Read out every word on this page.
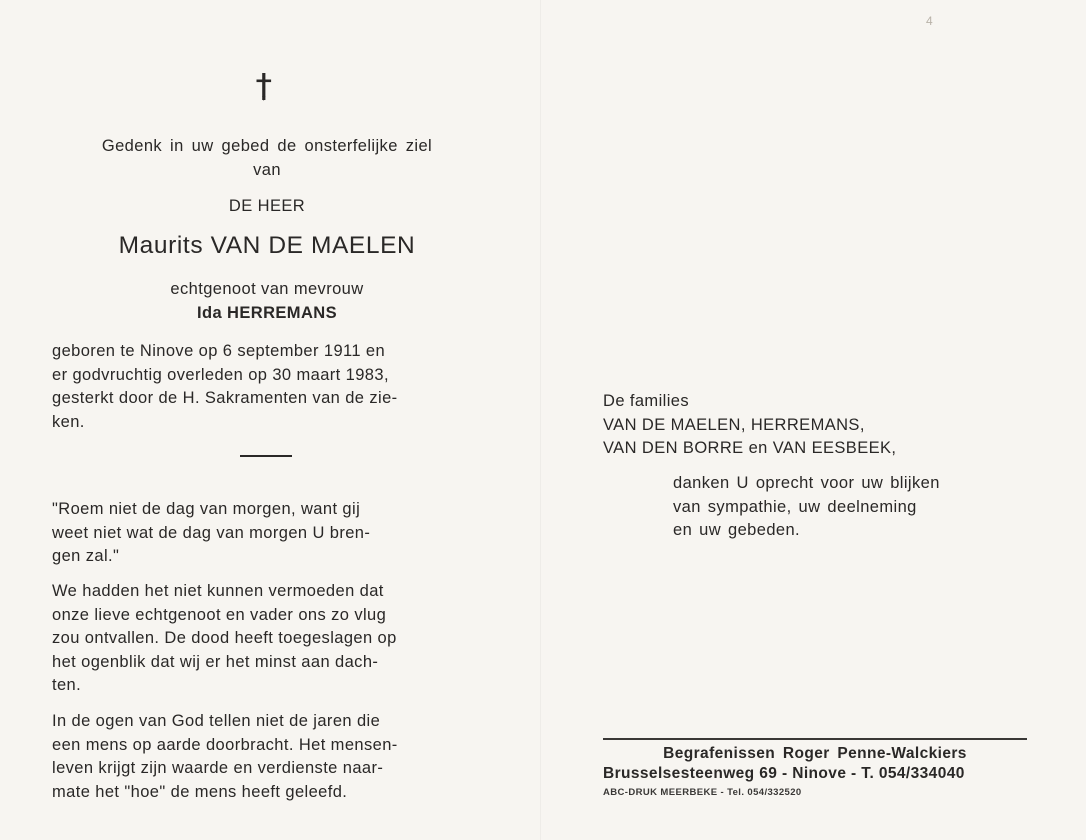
4
Gedenk in uw gebed de onsterfelijke ziel
van
DE HEER
Maurits VAN DE MAELEN
echtgenoot van mevrouw
Ida HERREMANS
geboren te Ninove op 6 september 1911 en
er godvruchtig overleden op 30 maart 1983,
gesterkt door de H. Sakramenten van de zie-
ken.
"Roem niet de dag van morgen, want gij
weet niet wat de dag van morgen U bren-
gen zal."
We hadden het niet kunnen vermoeden dat
onze lieve echtgenoot en vader ons zo vlug
zou ontvallen. De dood heeft toegeslagen op
het ogenblik dat wij er het minst aan dach-
ten.
In de ogen van God tellen niet de jaren die
een mens op aarde doorbracht. Het mensen-
leven krijgt zijn waarde en verdienste naar-
mate het "hoe" de mens heeft geleefd.
De families
VAN DE MAELEN, HERREMANS,
VAN DEN BORRE en VAN EESBEEK,
danken U oprecht voor uw blijken
van sympathie, uw deelneming
en uw gebeden.
Begrafenissen Roger Penne-Walckiers
Brusselsesteenweg 69 - Ninove - T. 054/334040
ABC-DRUK MEERBEKE - Tel. 054/332520
